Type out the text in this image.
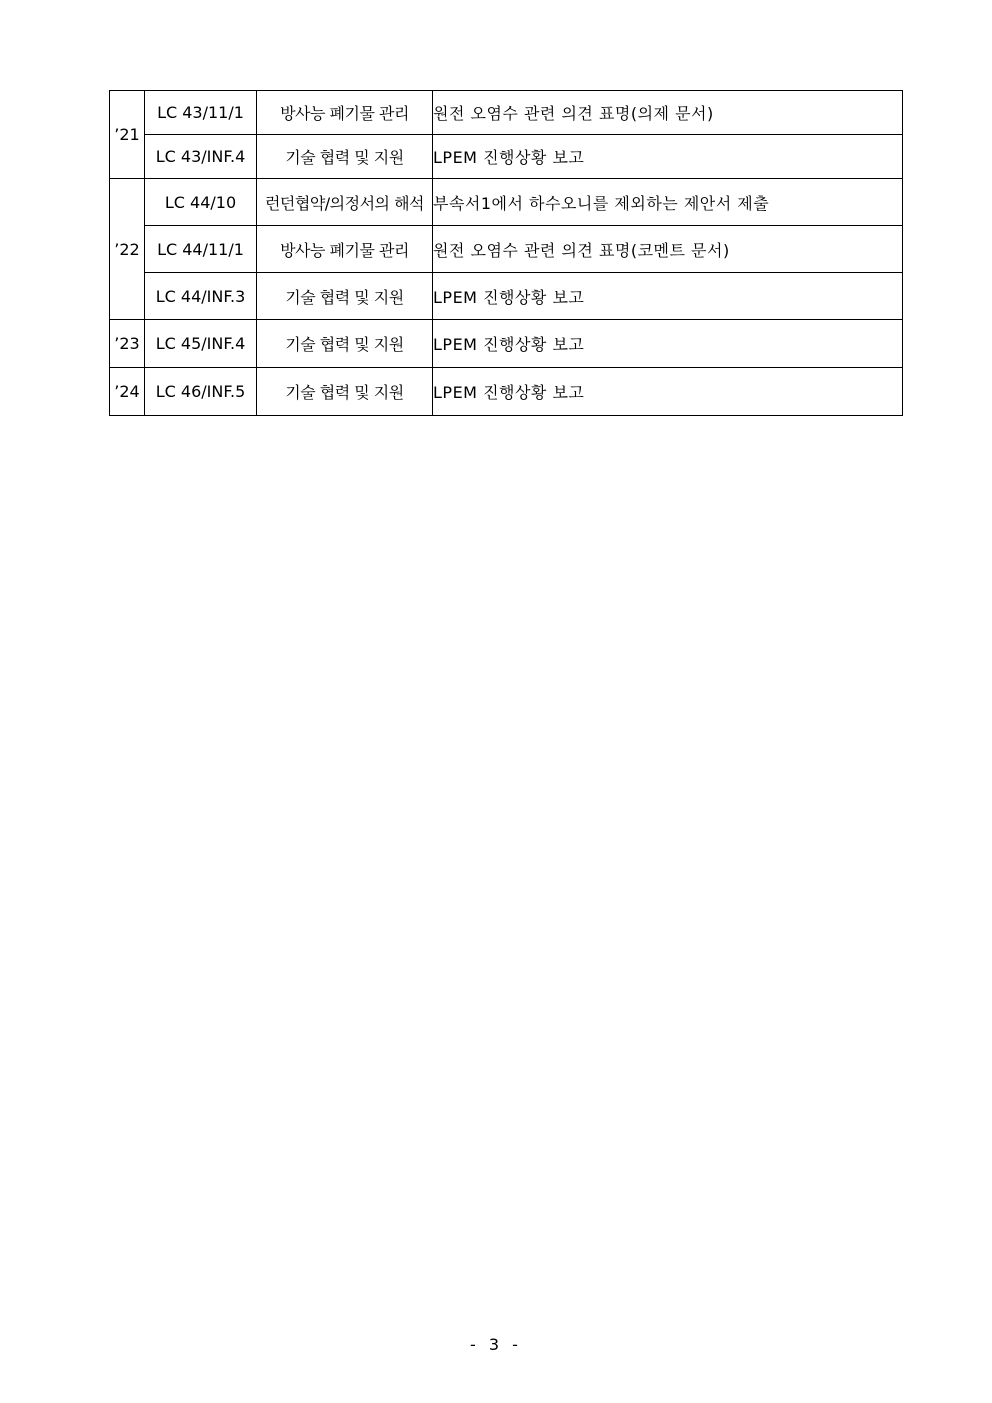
’21	LC 43/11/1	방사능 폐기물 관리	원전 오염수 관련 의견 표명(의제 문서)
	LC 43/INF.4	기술 협력 및 지원	LPEM 진행상황 보고
’22	LC 44/10	런던협약/의정서의 해석	부속서1에서 하수오니를 제외하는 제안서 제출
	LC 44/11/1	방사능 폐기물 관리	원전 오염수 관련 의견 표명(코멘트 문서)
	LC 44/INF.3	기술 협력 및 지원	LPEM 진행상황 보고
’23	LC 45/INF.4	기술 협력 및 지원	LPEM 진행상황 보고
’24	LC 46/INF.5	기술 협력 및 지원	LPEM 진행상황 보고
- 3 -
